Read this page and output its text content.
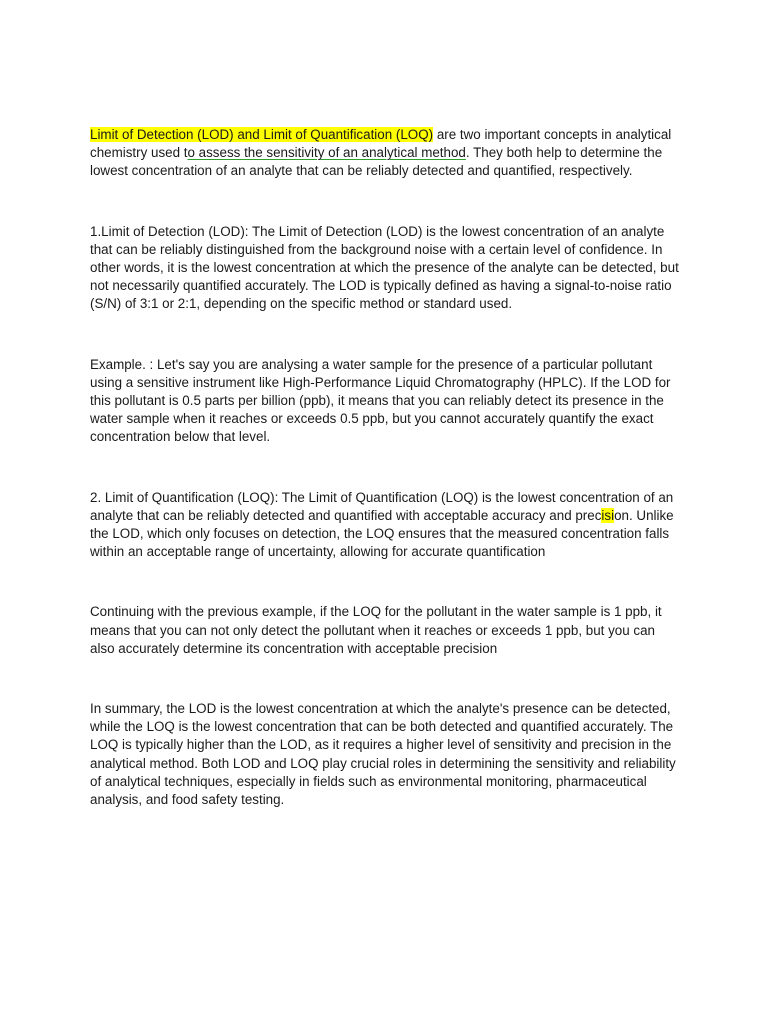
Limit of Detection (LOD) and Limit of Quantification (LOQ) are two important concepts in analytical chemistry used to assess the sensitivity of an analytical method. They both help to determine the lowest concentration of an analyte that can be reliably detected and quantified, respectively.

1.Limit of Detection (LOD): The Limit of Detection (LOD) is the lowest concentration of an analyte that can be reliably distinguished from the background noise with a certain level of confidence. In other words, it is the lowest concentration at which the presence of the analyte can be detected, but not necessarily quantified accurately. The LOD is typically defined as having a signal-to-noise ratio (S/N) of 3:1 or 2:1, depending on the specific method or standard used.

Example. : Let's say you are analysing a water sample for the presence of a particular pollutant using a sensitive instrument like High-Performance Liquid Chromatography (HPLC). If the LOD for this pollutant is 0.5 parts per billion (ppb), it means that you can reliably detect its presence in the water sample when it reaches or exceeds 0.5 ppb, but you cannot accurately quantify the exact concentration below that level.

2. Limit of Quantification (LOQ): The Limit of Quantification (LOQ) is the lowest concentration of an analyte that can be reliably detected and quantified with acceptable accuracy and precision. Unlike the LOD, which only focuses on detection, the LOQ ensures that the measured concentration falls within an acceptable range of uncertainty, allowing for accurate quantification

Continuing with the previous example, if the LOQ for the pollutant in the water sample is 1 ppb, it means that you can not only detect the pollutant when it reaches or exceeds 1 ppb, but you can also accurately determine its concentration with acceptable precision

In summary, the LOD is the lowest concentration at which the analyte's presence can be detected, while the LOQ is the lowest concentration that can be both detected and quantified accurately. The LOQ is typically higher than the LOD, as it requires a higher level of sensitivity and precision in the analytical method. Both LOD and LOQ play crucial roles in determining the sensitivity and reliability of analytical techniques, especially in fields such as environmental monitoring, pharmaceutical analysis, and food safety testing.
